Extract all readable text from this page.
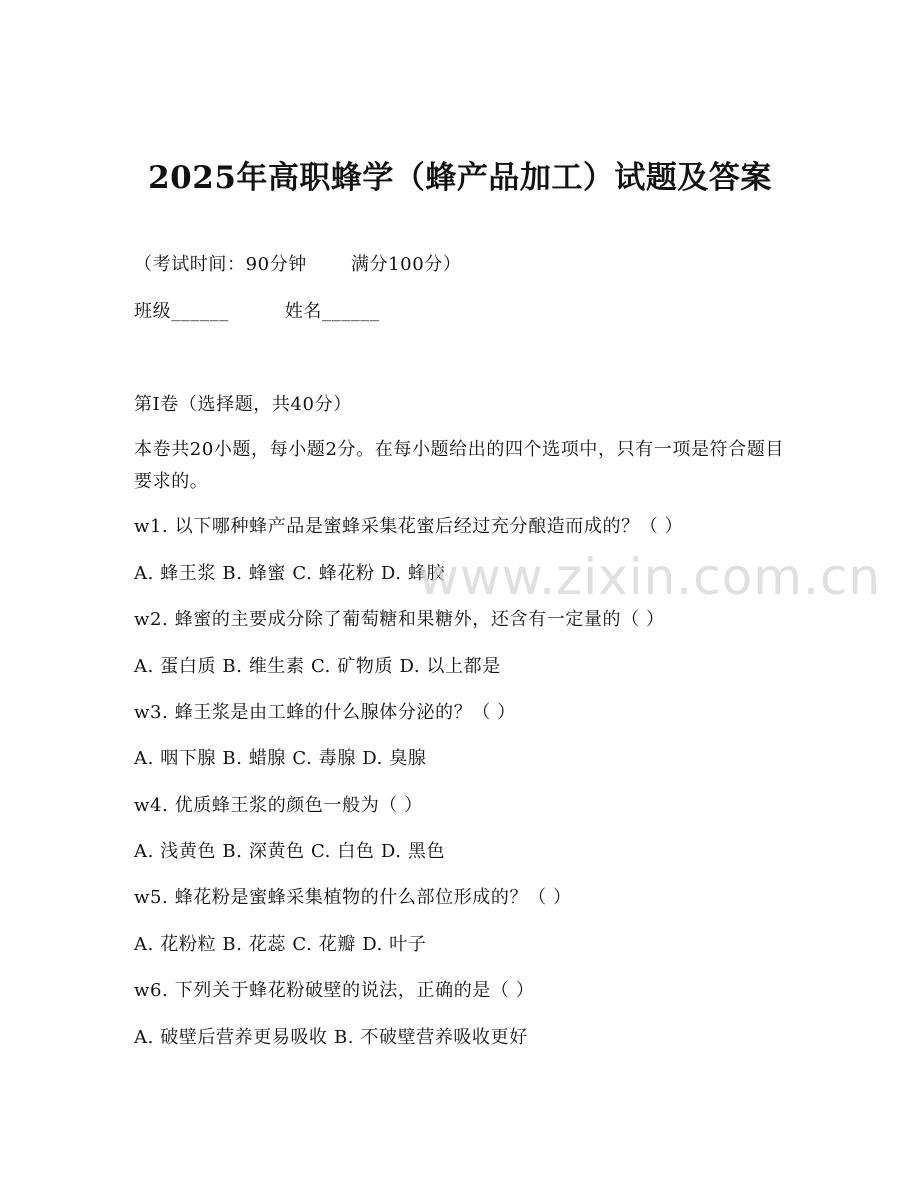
2025年高职蜂学（蜂产品加工）试题及答案
（考试时间：90分钟 满分100分）
班级______	姓名______
第I卷（选择题，共40分）
本卷共20小题，每小题2分。在每小题给出的四个选项中，只有一项是符合题目要求的。
w1. 以下哪种蜂产品是蜜蜂采集花蜜后经过充分酿造而成的？（ ）
A. 蜂王浆 B. 蜂蜜 C. 蜂花粉 D. 蜂胶
w2. 蜂蜜的主要成分除了葡萄糖和果糖外，还含有一定量的（ ）
A. 蛋白质 B. 维生素 C. 矿物质 D. 以上都是
w3. 蜂王浆是由工蜂的什么腺体分泌的？（ ）
A. 咽下腺 B. 蜡腺 C. 毒腺 D. 臭腺
w4. 优质蜂王浆的颜色一般为（ ）
A. 浅黄色 B. 深黄色 C. 白色 D. 黑色
w5. 蜂花粉是蜜蜂采集植物的什么部位形成的？（ ）
A. 花粉粒 B. 花蕊 C. 花瓣 D. 叶子
w6. 下列关于蜂花粉破壁的说法，正确的是（ ）
A. 破壁后营养更易吸收 B. 不破壁营养吸收更好
www.zixin.com.cn
